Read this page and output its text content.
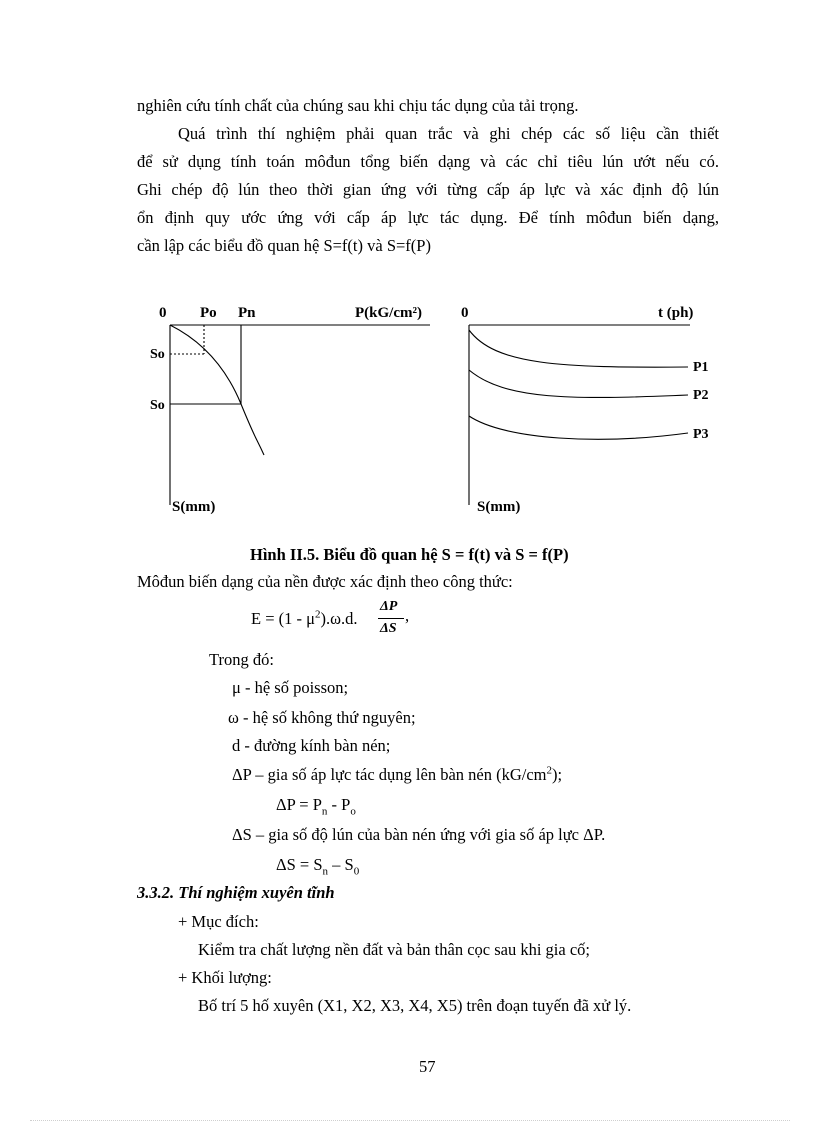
nghiên cứu tính chất của chúng sau khi chịu tác dụng của tải trọng.
Quá trình thí nghiệm phải quan trắc và ghi chép các số liệu cần thiết
để sử dụng tính toán môđun tổng biến dạng và các chỉ tiêu lún ướt nếu có.
Ghi chép độ lún theo thời gian ứng với từng cấp áp lực và xác định độ lún
ổn định quy ước ứng với cấp áp lực tác dụng. Để tính môđun biến dạng,
cần lập các biểu đồ quan hệ S=f(t) và S=f(P)
0 Po Pn	P(kG/cm²)
So
So
S(mm)
0	t (ph)
P1
P2
P3
S(mm)
Hình II.5. Biểu đồ quan hệ S = f(t) và S = f(P)
Môđun biến dạng của nền được xác định theo công thức:
$E = (1 - \mu^2).\omega.d$.
ΔP
ΔS
,
Trong đó:
μ - hệ số poisson;
ω - hệ số không thứ nguyên;
d - đường kính bàn nén;
ΔP – gia số áp lực tác dụng lên bàn nén $(kG/cm^2)$;
$\Delta P = P_n - P_o$
ΔS – gia số độ lún của bàn nén ứng với gia số áp lực ΔP.
$\Delta S = S_n - S_0$
3.3.2. Thí nghiệm xuyên tĩnh
+ Mục đích:
Kiểm tra chất lượng nền đất và bản thân cọc sau khi gia cố;
+ Khối lượng:
Bố trí 5 hố xuyên (X1, X2, X3, X4, X5) trên đoạn tuyến đã xử lý.
57
